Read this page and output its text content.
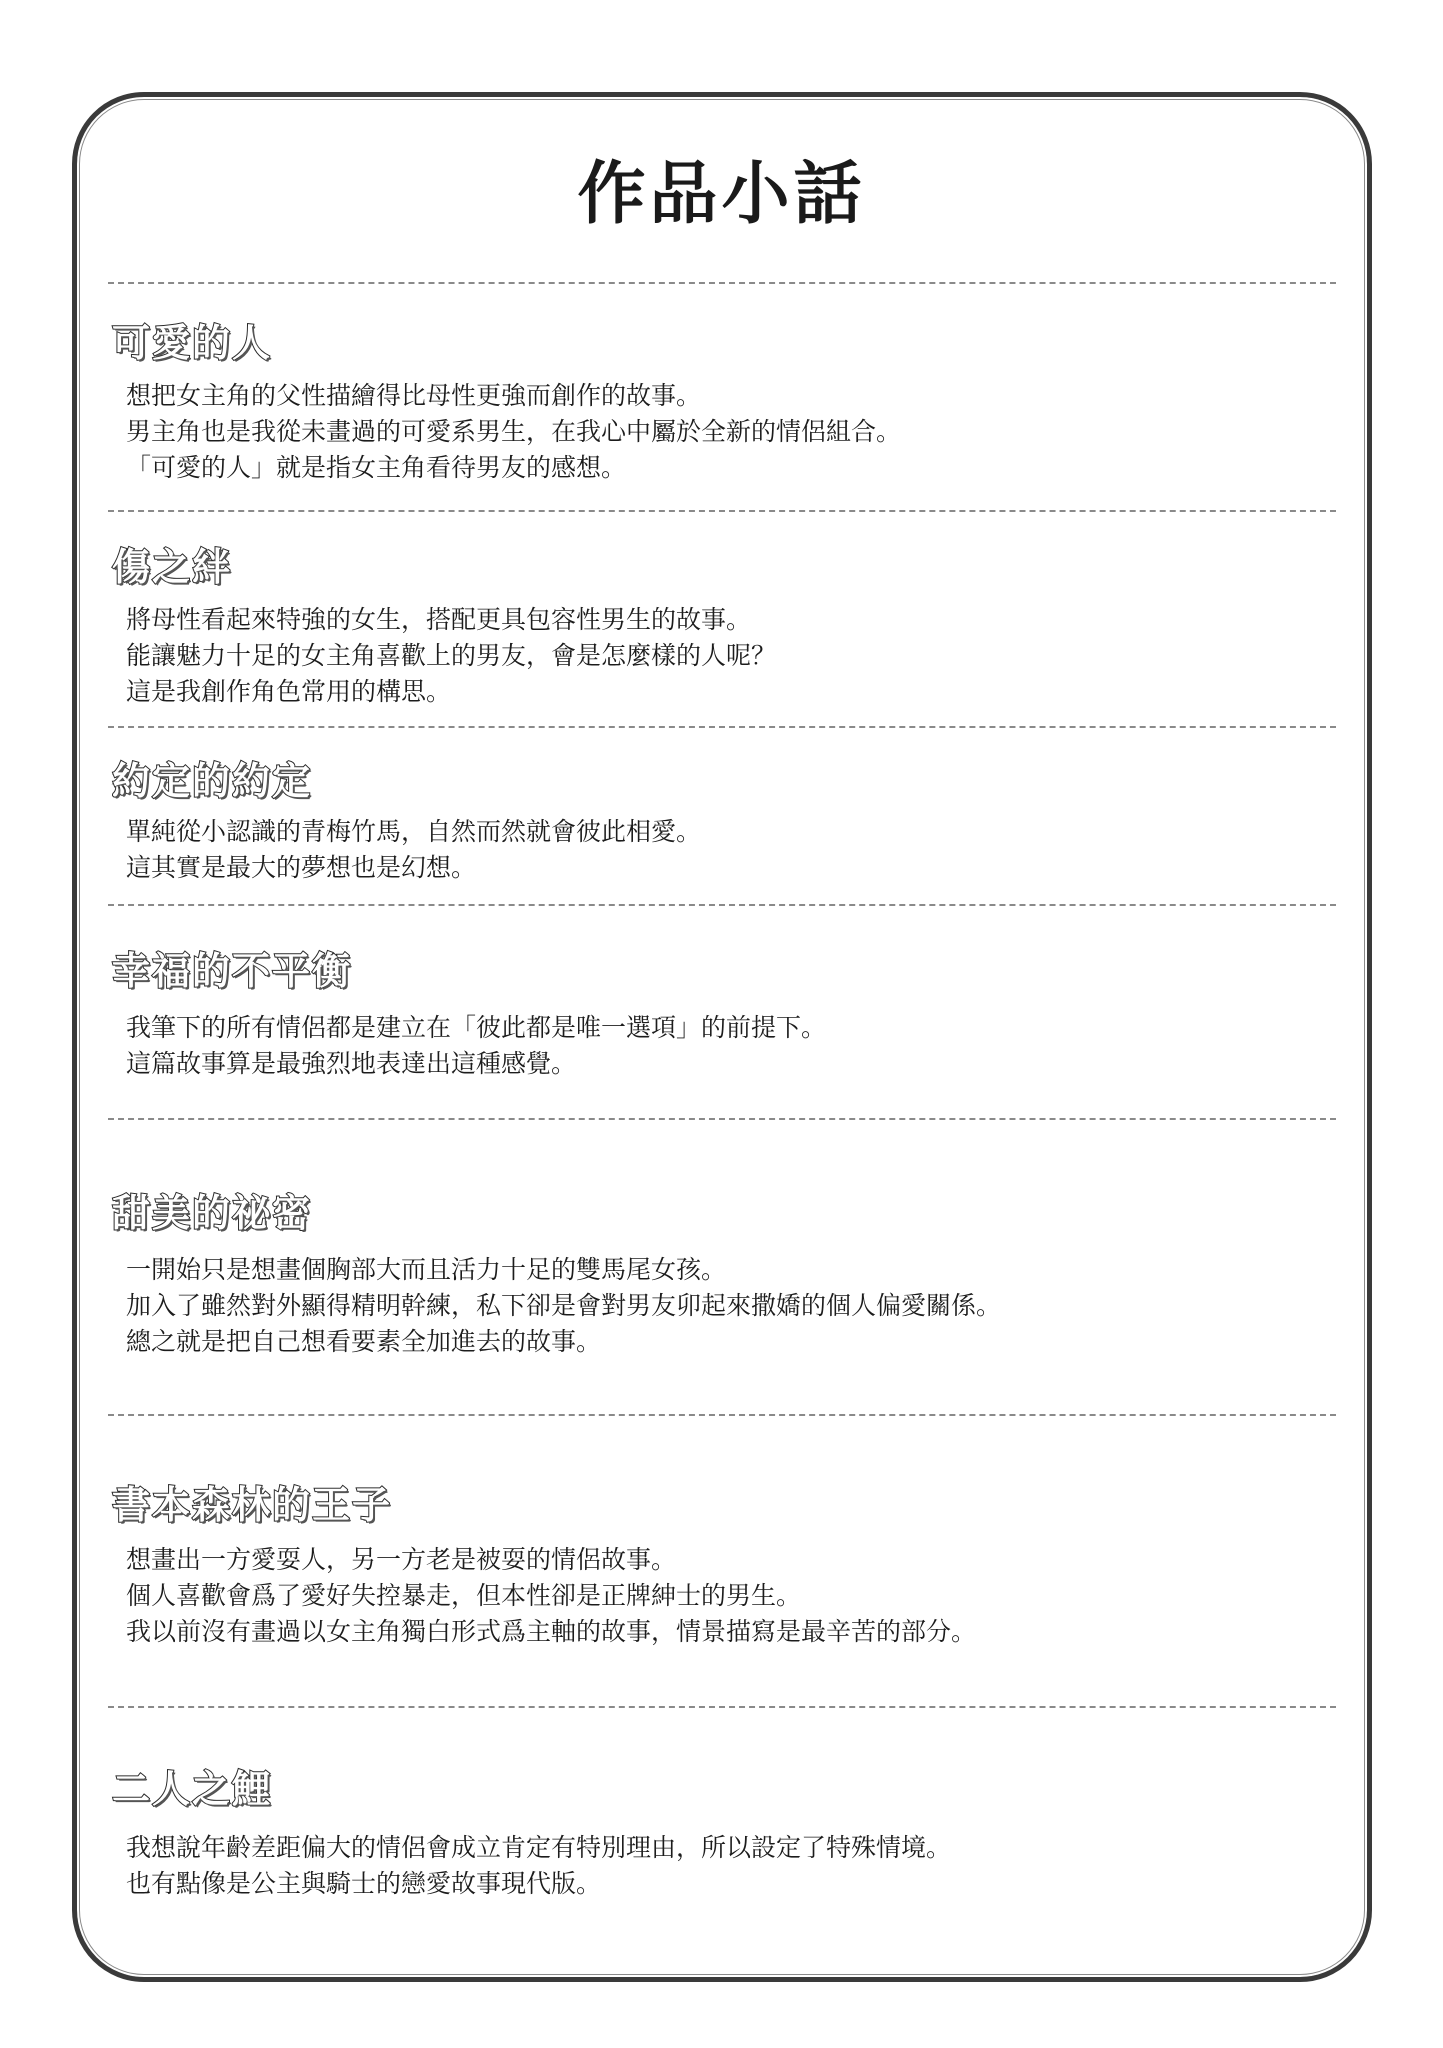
作品小話
可愛的人

想把女主角的父性描繪得比母性更強而創作的故事。
男主角也是我從未畫過的可愛系男生，在我心中屬於全新的情侶組合。
「可愛的人」就是指女主角看待男友的感想。

傷之絆

將母性看起來特強的女生，搭配更具包容性男生的故事。
能讓魅力十足的女主角喜歡上的男友，會是怎麼樣的人呢？
這是我創作角色常用的構思。

約定的約定

單純從小認識的青梅竹馬，自然而然就會彼此相愛。
這其實是最大的夢想也是幻想。

幸福的不平衡

我筆下的所有情侶都是建立在「彼此都是唯一選項」的前提下。
這篇故事算是最強烈地表達出這種感覺。

甜美的祕密

一開始只是想畫個胸部大而且活力十足的雙馬尾女孩。
加入了雖然對外顯得精明幹練，私下卻是會對男友卯起來撒嬌的個人偏愛關係。
總之就是把自己想看要素全加進去的故事。

書本森林的王子

想畫出一方愛耍人，另一方老是被耍的情侶故事。
個人喜歡會爲了愛好失控暴走，但本性卻是正牌紳士的男生。
我以前沒有畫過以女主角獨白形式爲主軸的故事，情景描寫是最辛苦的部分。

二人之鯉

我想說年齡差距偏大的情侶會成立肯定有特別理由，所以設定了特殊情境。
也有點像是公主與騎士的戀愛故事現代版。
